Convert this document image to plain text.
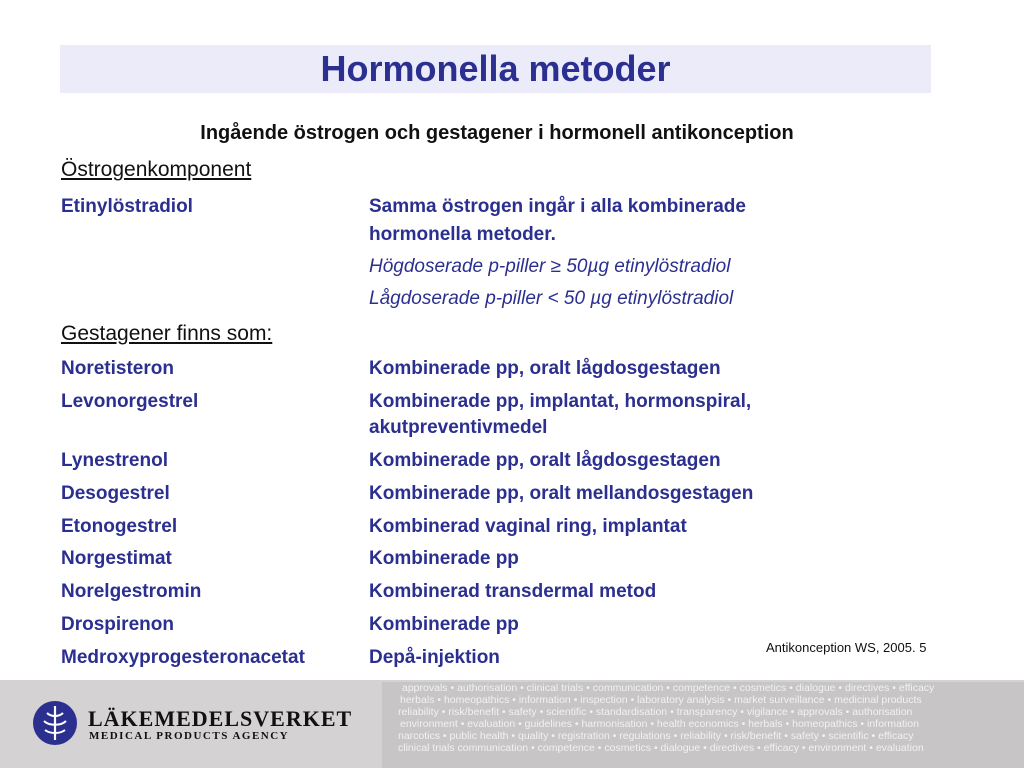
Hormonella metoder
Ingående östrogen och gestagener i hormonell antikonception
Östrogenkomponent
Etinylöstradiol	Samma östrogen ingår i alla kombinerade
hormonella metoder.
Högdoserade p-piller ≥ 50µg etinylöstradiol
Lågdoserade p-piller < 50 µg etinylöstradiol
Gestagener finns som:
Noretisteron	Kombinerade pp, oralt lågdosgestagen
Levonorgestrel	Kombinerade pp, implantat, hormonspiral,
akutpreventivmedel
Lynestrenol	Kombinerade pp, oralt lågdosgestagen
Desogestrel	Kombinerade pp, oralt mellandosgestagen
Etonogestrel	Kombinerad vaginal ring, implantat
Norgestimat	Kombinerade pp
Norelgestromin	Kombinerad transdermal metod
Drospirenon	Kombinerade pp
Medroxyprogesteronacetat	Depå-injektion	Antikonception WS, 2005. 5
approvals • authorisation • clinical trials • communication • competence • cosmetics • dialogue • directives • efficacy
herbals • homeopathics • information • inspection • laboratory analysis • market surveillance • medicinal products
reliability • risk/benefit • safety • scientific • standardisation • transparency • vigilance • approvals • authorisation
environment • evaluation • guidelines • harmonisation • health economics • herbals • homeopathics • information
narcotics • public health • quality • registration • regulations • reliability • risk/benefit • safety • scientific • efficacy
clinical trials communication • competence • cosmetics • dialogue • directives • efficacy • environment • evaluation
LÄKEMEDELSVERKET
MEDICAL PRODUCTS AGENCY
